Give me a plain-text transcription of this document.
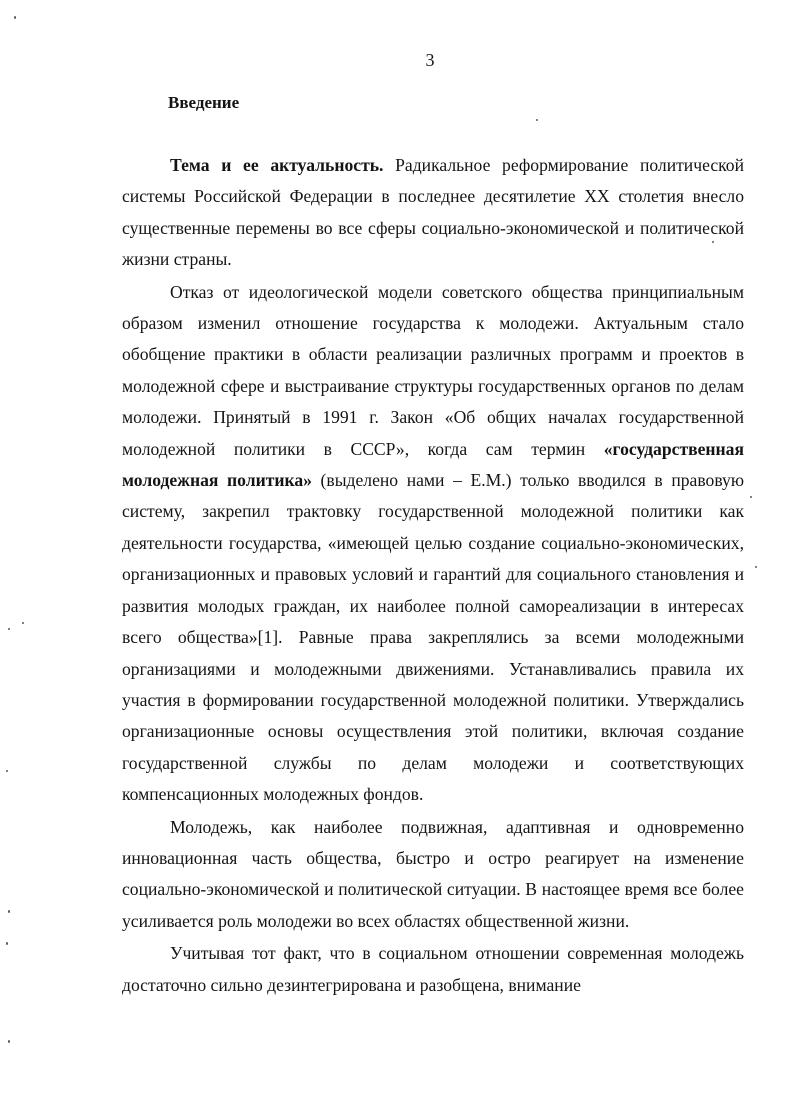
3
Введение

Тема и ее актуальность. Радикальное реформирование политической системы Российской Федерации в последнее десятилетие XX столетия внесло существенные перемены во все сферы социально-экономической и политической жизни страны.

Отказ от идеологической модели советского общества принципиальным образом изменил отношение государства к молодежи. Актуальным стало обобщение практики в области реализации различных программ и проектов в молодежной сфере и выстраивание структуры государственных органов по делам молодежи. Принятый в 1991 г. Закон «Об общих началах государственной молодежной политики в СССР», когда сам термин «государственная молодежная политика» (выделено нами – Е.М.) только вводился в правовую систему, закрепил трактовку государственной молодежной политики как деятельности государства, «имеющей целью создание социально-экономических, организационных и правовых условий и гарантий для социального становления и развития молодых граждан, их наиболее полной самореализации в интересах всего общества»[1]. Равные права закреплялись за всеми молодежными организациями и молодежными движениями. Устанавливались правила их участия в формировании государственной молодежной политики. Утверждались организационные основы осуществления этой политики, включая создание государственной службы по делам молодежи и соответствующих компенсационных молодежных фондов.

Молодежь, как наиболее подвижная, адаптивная и одновременно инновационная часть общества, быстро и остро реагирует на изменение социально-экономической и политической ситуации. В настоящее время все более усиливается роль молодежи во всех областях общественной жизни.

Учитывая тот факт, что в социальном отношении современная молодежь достаточно сильно дезинтегрирована и разобщена, внимание
